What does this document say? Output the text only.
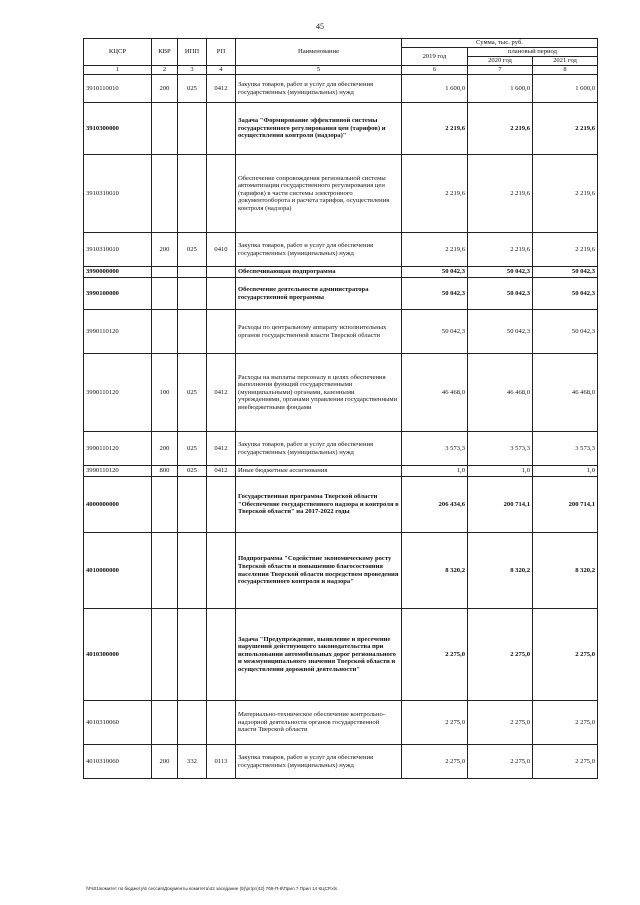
45
КЦСР	КВР	ИПП	РП	Наименование	Сумма, тыс. руб.		
					2019 год	плановый период	
						2020 год	2021 год
1	2	3	4	5	6	7	8
3910110010	200	025	0412	Закупка товаров, работ и услуг для обеспечения государственных (муниципальных) нужд	1 600,0	1 600,0	1 600,0
3910300000				Задача "Формирование эффективной системы государственного регулирования цен (тарифов) и осуществления контроля (надзора)"	2 219,6	2 219,6	2 219,6
3910310010				Обеспечение сопровождения региональной системы автоматизации государственного регулирования цен (тарифов) в части системы электронного документооборота и расчета тарифов, осуществления контроля (надзора)	2 219,6	2 219,6	2 219,6
3910310010	200	025	0410	Закупка товаров, работ и услуг для обеспечения государственных (муниципальных) нужд	2 219,6	2 219,6	2 219,6
3990000000				Обеспечивающая подпрограмма	50 042,3	50 042,3	50 042,3
3990100000				Обеспечение деятельности администратора государственной программы	50 042,3	50 042,3	50 042,3
3990110120				Расходы по центральному аппарату исполнительных органов государственной власти Тверской области	50 042,3	50 042,3	50 042,3
3990110120	100	025	0412	Расходы на выплаты персоналу в целях обеспечения выполнения функций государственными (муниципальными) органами, казенными учреждениями, органами управления государственными внебюджетными фондами	46 468,0	46 468,0	46 468,0
3990110120	200	025	0412	Закупка товаров, работ и услуг для обеспечения государственных (муниципальных) нужд	3 573,3	3 573,3	3 573,3
3990110120	800	025	0412	Иные бюджетные ассигнования	1,0	1,0	1,0
4000000000				Государственная программа Тверской области "Обеспечение государственного надзора и контроля в Тверской области" на 2017-2022 годы	206 434,6	200 714,1	200 714,1
4010000000				Подпрограмма "Содействие экономическому росту Тверской области и повышению благосостояния населения Тверской области посредством проведения государственного контроля и надзора"	8 320,2	8 320,2	8 320,2
4010300000				Задача "Предупреждение, выявление и пресечение нарушений действующего законодательства при использовании автомобильных дорог регионального и межмуниципального значения Тверской области и осуществлении дорожной деятельности"	2 275,0	2 275,0	2 275,0
4010310060				Материально-техническое обеспечение контрольно-надзорной деятельности органов государственной власти Тверской области	2 275,0	2 275,0	2 275,0
4010310060	200	332	0113	Закупка товаров, работ и услуг для обеспечения государственных (муниципальных) нужд	2 275,0	2 275,0	2 275,0
\\Fs01\комитет по бюджету\6 сессия\Документы комитета\42 заседание (5)\рг\рг(42) 769-П-6\Прил 7 Прил 14 КЦСР.xls
